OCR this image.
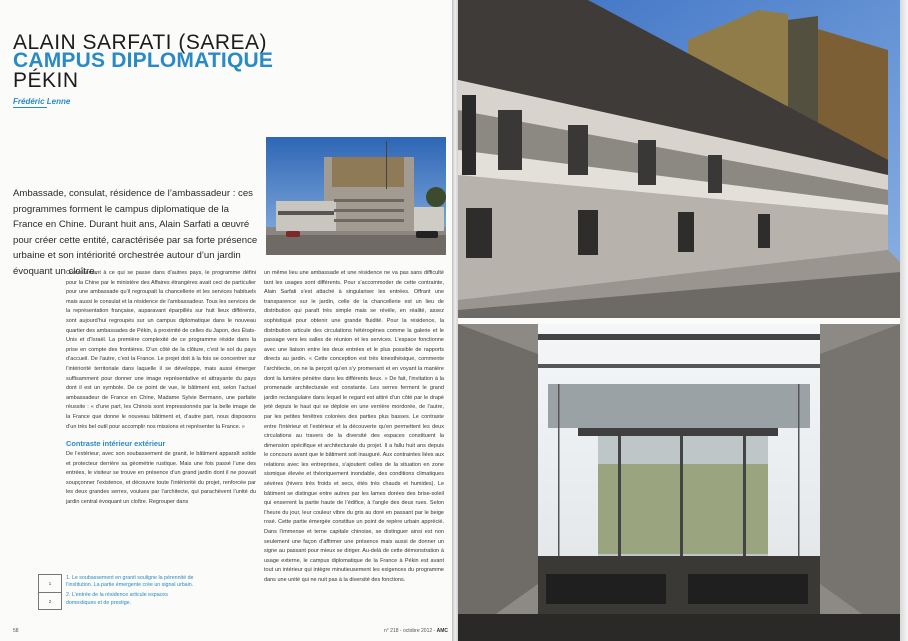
ALAIN SARFATI (SAREA)
CAMPUS DIPLOMATIQUE
PÉKIN
Frédéric Lenne
Ambassade, consulat, résidence de l’ambassadeur : ces programmes forment le campus diplomatique de la France en Chine. Durant huit ans, Alain Sarfati a œuvré pour créer cette entité, caractérisée par sa forte présence urbaine et son intériorité orchestrée autour d’un jardin évoquant un cloître.

Contrairement à ce qui se passe dans d’autres pays, le programme défini pour la Chine par le ministère des Affaires étrangères avait ceci de particulier pour une ambassade qu’il regroupait la chancellerie et les services habituels mais aussi le consulat et la résidence de l’ambassadeur. Tous les services de la représentation française, auparavant éparpillés sur huit lieux différents, sont aujourd’hui regroupés sur un campus diplomatique dans le nouveau quartier des ambassades de Pékin, à proximité de celles du Japon, des États-Unis et d’Israël. La première complexité de ce programme réside dans la prise en compte des frontières. D’un côté de la clôture, c’est le sol du pays d’accueil. De l’autre, c’est la France. Le projet doit à la fois se concentrer sur l’intériorité territoriale dans laquelle il se développe, mais aussi émerger suffisamment pour donner une image représentative et attrayante du pays dont il est un symbole. De ce point de vue, le bâtiment est, selon l’actuel ambassadeur de France en Chine, Madame Sylvie Bermann, une parfaite réussite : « d’une part, les Chinois sont impressionnés par la belle image de la France que donne le nouveau bâtiment et, d’autre part, nous disposons d’un très bel outil pour accomplir nos missions et représenter la France. »

Contraste intérieur extérieur

De l’extérieur, avec son soubassement de granit, le bâtiment apparaît solide et protecteur derrière sa géométrie rustique. Mais une fois passé l’une des entrées, le visiteur se trouve en présence d’un grand jardin dont il ne pouvait soupçonner l’existence, et découvre toute l’intériorité du projet, renforcée par les deux grandes serres, voulues par l’architecte, qui parachèvent l’unité du jardin central évoquant un cloître. Regrouper dans

un même lieu une ambassade et une résidence ne va pas sans difficulté tant les usages sont différents. Pour s’accommoder de cette contrainte, Alain Sarfati s’est attaché à singulariser les entrées. Offrant une transparence sur le jardin, celle de la chancellerie est un lieu de distribution qui paraît très simple mais se révèle, en réalité, assez sophistiqué pour obtenir une grande fluidité. Pour la résidence, la distribution articule des circulations hétérogènes comme la galerie et le passage vers les salles de réunion et les services. L’espace fonctionne avec une liaison entre les deux entrées et le plus possible de rapports directs au jardin. « Cette conception est très kinesthésique, commente l’architecte, on ne la perçoit qu’en s’y promenant et en voyant la manière dont la lumière pénètre dans les différents lieux. » De fait, l’invitation à la promenade architecturale est constante. Les serres ferment le grand jardin rectangulaire dans lequel le regard est attiré d’un côté par le drapé jeté depuis le haut qui se déploie en une verrière mordorée, de l’autre, par les petites fenêtres colorées des parties plus basses. Le contraste entre l’intérieur et l’extérieur et la découverte qu’en permettent les deux circulations au travers de la diversité des espaces constituent la dimension spécifique et architecturale du projet. Il a fallu huit ans depuis le concours avant que le bâtiment soit inauguré. Aux contraintes liées aux relations avec les entreprises, s’ajoutent celles de la situation en zone sismique élevée et théoriquement inondable, des conditions climatiques sévères (hivers très froids et secs, étés très chauds et humides). Le bâtiment se distingue entre autres par les lames dorées des brise-soleil qui enserrent la partie haute de l’édifice, à l’angle des deux rues. Selon l’heure du jour, leur couleur vibre du gris au doré en passant par le beige rosé. Cette partie émergée constitue un point de repère urbain apprécié. Dans l’immense et terne capitale chinoise, se distinguer ainsi est non seulement une façon d’affirmer une présence mais aussi de donner un signe au passant pour mieux se diriger. Au-delà de cette démonstration à usage externe, le campus diplomatique de la France à Pékin est avant tout un intérieur qui intègre minutieusement les exigences du programme dans une unité qui ne nuit pas à la diversité des fonctions.

1
2

1. Le soubassement en granit souligne la pérennité de l’institution. La partie émergente crée un signal urbain.

2. L’entrée de la résidence articule espaces domestiques et de prestige.

58	n° 218 - octobre 2012 - AMC
